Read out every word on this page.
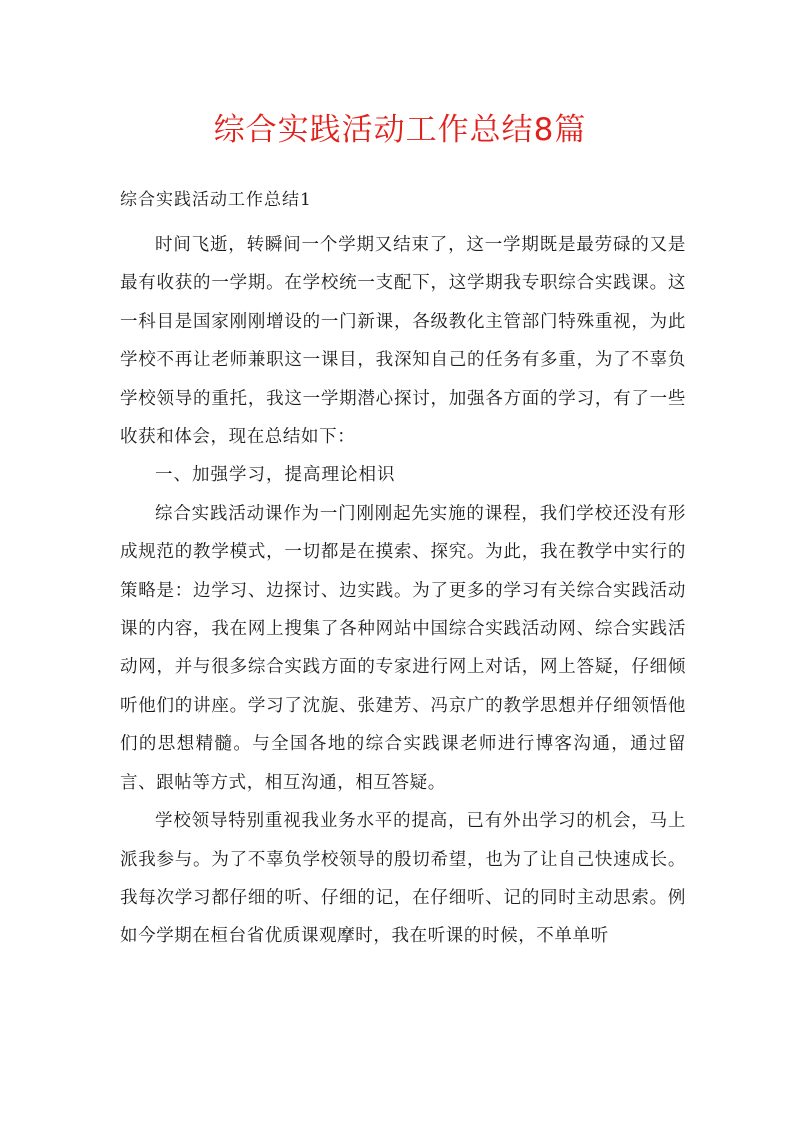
综合实践活动工作总结8篇
综合实践活动工作总结1

时间飞逝，转瞬间一个学期又结束了，这一学期既是最劳碌的又是最有收获的一学期。在学校统一支配下，这学期我专职综合实践课。这一科目是国家刚刚增设的一门新课，各级教化主管部门特殊重视，为此学校不再让老师兼职这一课目，我深知自己的任务有多重，为了不辜负学校领导的重托，我这一学期潜心探讨，加强各方面的学习，有了一些收获和体会，现在总结如下：

一、加强学习，提高理论相识

综合实践活动课作为一门刚刚起先实施的课程，我们学校还没有形成规范的教学模式，一切都是在摸索、探究。为此，我在教学中实行的策略是：边学习、边探讨、边实践。为了更多的学习有关综合实践活动课的内容，我在网上搜集了各种网站中国综合实践活动网、综合实践活动网，并与很多综合实践方面的专家进行网上对话，网上答疑，仔细倾听他们的讲座。学习了沈旎、张建芳、冯京广的教学思想并仔细领悟他们的思想精髓。与全国各地的综合实践课老师进行博客沟通，通过留言、跟帖等方式，相互沟通，相互答疑。

学校领导特别重视我业务水平的提高，已有外出学习的机会，马上派我参与。为了不辜负学校领导的殷切希望，也为了让自己快速成长。我每次学习都仔细的听、仔细的记，在仔细听、记的同时主动思索。例如今学期在桓台省优质课观摩时，我在听课的时候，不单单听
